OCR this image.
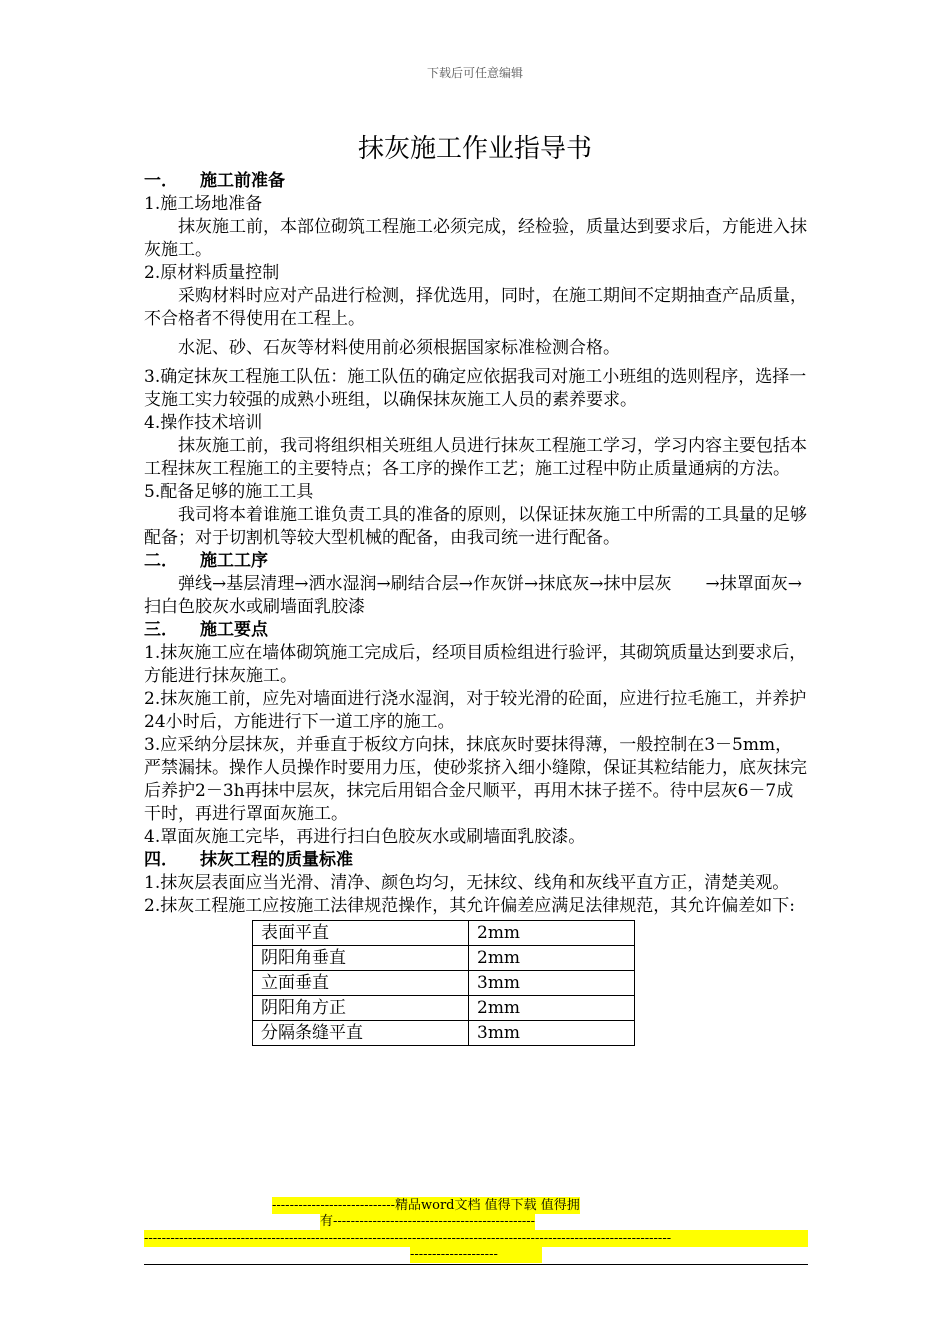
下载后可任意编辑
抹灰施工作业指导书

一． 施工前准备

1.施工场地准备

抹灰施工前，本部位砌筑工程施工必须完成，经检验，质量达到要求后，方能进入抹灰施工。

2.原材料质量控制

采购材料时应对产品进行检测，择优选用，同时，在施工期间不定期抽查产品质量，不合格者不得使用在工程上。

水泥、砂、石灰等材料使用前必须根据国家标准检测合格。

3.确定抹灰工程施工队伍：施工队伍的确定应依据我司对施工小班组的选则程序，选择一支施工实力较强的成熟小班组，以确保抹灰施工人员的素养要求。

4.操作技术培训

抹灰施工前，我司将组织相关班组人员进行抹灰工程施工学习，学习内容主要包括本工程抹灰工程施工的主要特点；各工序的操作工艺；施工过程中防止质量通病的方法。

5.配备足够的施工工具

我司将本着谁施工谁负责工具的准备的原则，以保证抹灰施工中所需的工具量的足够配备；对于切割机等较大型机械的配备，由我司统一进行配备。

二． 施工工序

弹线→基层清理→洒水湿润→刷结合层→作灰饼→抹底灰→抹中层灰　　→抹罩面灰→扫白色胶灰水或刷墙面乳胶漆

三． 施工要点

1.抹灰施工应在墙体砌筑施工完成后，经项目质检组进行验评，其砌筑质量达到要求后，方能进行抹灰施工。

2.抹灰施工前，应先对墙面进行浇水湿润，对于较光滑的砼面，应进行拉毛施工，并养护24小时后，方能进行下一道工序的施工。

3.应采纳分层抹灰，并垂直于板纹方向抹，抹底灰时要抹得薄，一般控制在3－5mm，严禁漏抹。操作人员操作时要用力压，使砂浆挤入细小缝隙，保证其粒结能力，底灰抹完后养护2－3h再抹中层灰，抹完后用铝合金尺顺平，再用木抹子搓不。待中层灰6－7成干时，再进行罩面灰施工。

4.罩面灰施工完毕，再进行扫白色胶灰水或刷墙面乳胶漆。

四． 抹灰工程的质量标准

1.抹灰层表面应当光滑、清净、颜色均匀，无抹纹、线角和灰线平直方正，清楚美观。

2.抹灰工程施工应按施工法律规范操作，其允许偏差应满足法律规范，其允许偏差如下:

表面平直	2mm
阴阳角垂直	2mm
立面垂直	3mm
阴阳角方正	2mm
分隔条缝平直	3mm
----------------------------精品word文档 值得下载 值得拥
有----------------------------------------------
------------------------------------------------------------------------------------------------------------------------
--------------------
